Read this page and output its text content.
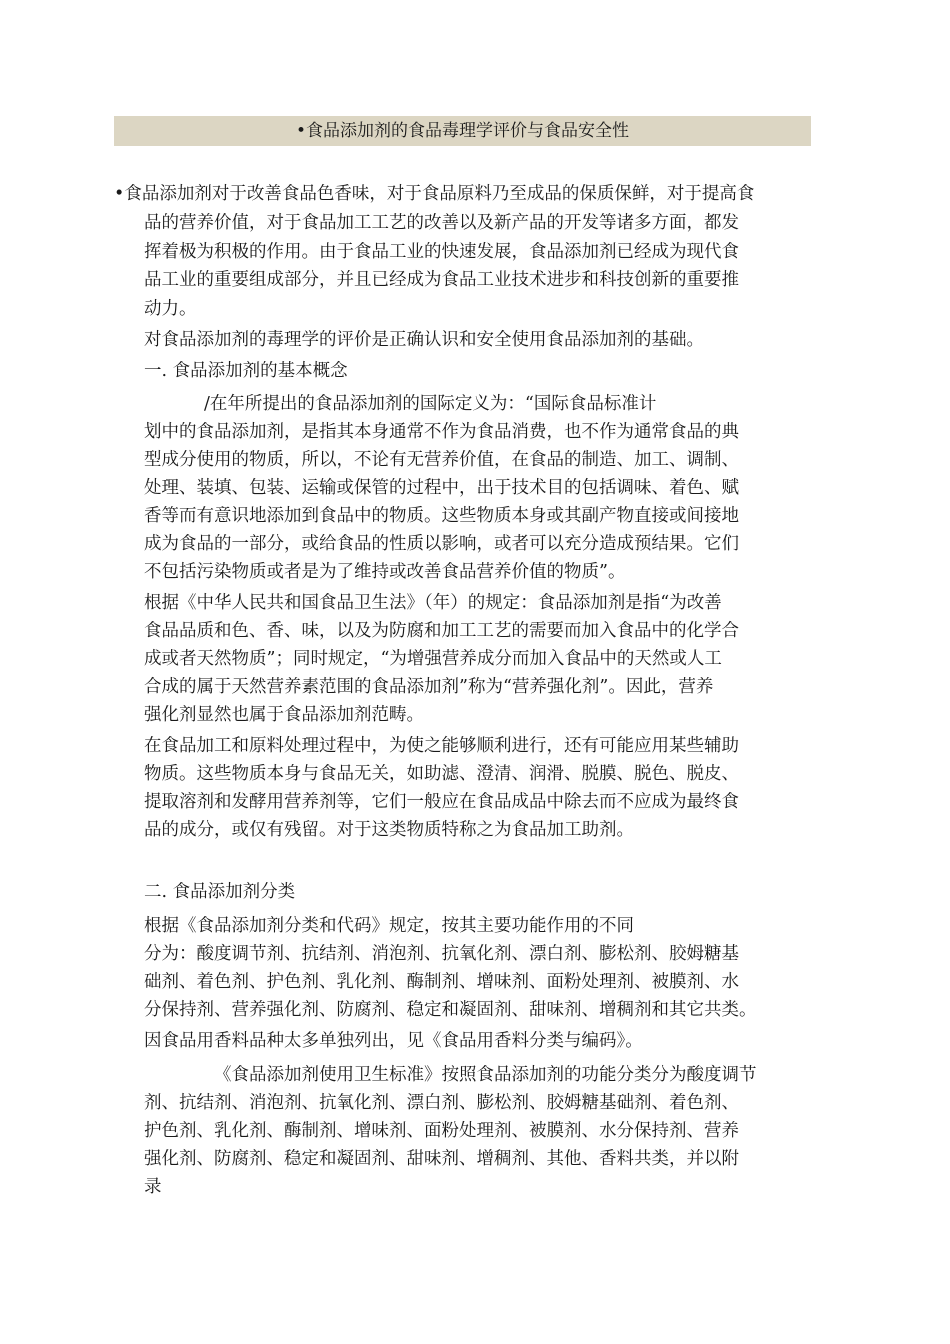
•食品添加剂的食品毒理学评价与食品安全性
•食品添加剂对于改善食品色香味，对于食品原料乃至成品的保质保鲜，对于提高食
品的营养价值，对于食品加工工艺的改善以及新产品的开发等诸多方面，都发
挥着极为积极的作用。由于食品工业的快速发展，食品添加剂已经成为现代食
品工业的重要组成部分，并且已经成为食品工业技术进步和科技创新的重要推
动力。
对食品添加剂的毒理学的评价是正确认识和安全使用食品添加剂的基础。
一. 食品添加剂的基本概念
/在年所提出的食品添加剂的国际定义为：“国际食品标准计
划中的食品添加剂，是指其本身通常不作为食品消费，也不作为通常食品的典
型成分使用的物质，所以，不论有无营养价值，在食品的制造、加工、调制、
处理、装填、包装、运输或保管的过程中，出于技术目的包括调味、着色、赋
香等而有意识地添加到食品中的物质。这些物质本身或其副产物直接或间接地
成为食品的一部分，或给食品的性质以影响，或者可以充分造成预结果。它们
不包括污染物质或者是为了维持或改善食品营养价值的物质”。
根据《中华人民共和国食品卫生法》（年）的规定：食品添加剂是指“为改善
食品品质和色、香、味，以及为防腐和加工工艺的需要而加入食品中的化学合
成或者天然物质”；同时规定，“为增强营养成分而加入食品中的天然或人工
合成的属于天然营养素范围的食品添加剂”称为“营养强化剂”。因此，营养
强化剂显然也属于食品添加剂范畴。
在食品加工和原料处理过程中，为使之能够顺利进行，还有可能应用某些辅助
物质。这些物质本身与食品无关，如助滤、澄清、润滑、脱膜、脱色、脱皮、
提取溶剂和发酵用营养剂等，它们一般应在食品成品中除去而不应成为最终食
品的成分，或仅有残留。对于这类物质特称之为食品加工助剂。
二. 食品添加剂分类
根据《食品添加剂分类和代码》规定，按其主要功能作用的不同
分为：酸度调节剂、抗结剂、消泡剂、抗氧化剂、漂白剂、膨松剂、胶姆糖基
础剂、着色剂、护色剂、乳化剂、酶制剂、增味剂、面粉处理剂、被膜剂、水
分保持剂、营养强化剂、防腐剂、稳定和凝固剂、甜味剂、增稠剂和其它共类。
因食品用香料品种太多单独列出，见《食品用香料分类与编码》。
《食品添加剂使用卫生标准》按照食品添加剂的功能分类分为酸度调节
剂、抗结剂、消泡剂、抗氧化剂、漂白剂、膨松剂、胶姆糖基础剂、着色剂、
护色剂、乳化剂、酶制剂、增味剂、面粉处理剂、被膜剂、水分保持剂、营养
强化剂、防腐剂、稳定和凝固剂、甜味剂、增稠剂、其他、香料共类，并以附
录
